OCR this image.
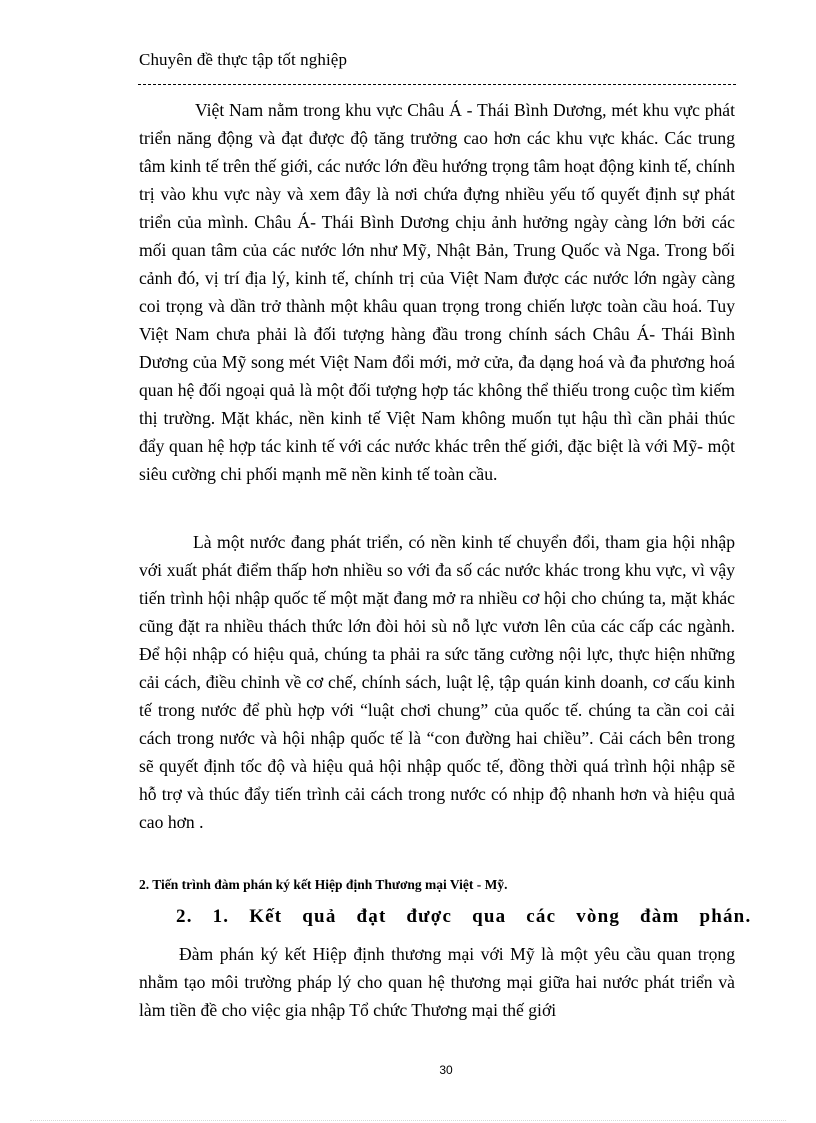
Chuyên đề thực tập tốt nghiệp

Việt Nam nằm trong khu vực Châu Á - Thái Bình Dương, mét khu vực phát triển năng động và đạt được độ tăng trưởng cao hơn các khu vực khác. Các trung tâm kinh tế trên thế giới, các nước lớn đều hướng trọng tâm hoạt động kinh tế, chính trị vào khu vực này và xem đây là nơi chứa đựng nhiều yếu tố quyết định sự phát triển của mình. Châu Á- Thái Bình Dương chịu ảnh hưởng ngày càng lớn bởi các mối quan tâm của các nước lớn như Mỹ, Nhật Bản, Trung Quốc và Nga. Trong bối cảnh đó, vị trí địa lý, kinh tế, chính trị của Việt Nam được các nước lớn ngày càng coi trọng và dần trở thành một khâu quan trọng trong chiến lược toàn cầu hoá. Tuy Việt Nam chưa phải là đối tượng hàng đầu trong chính sách Châu Á- Thái Bình Dương của Mỹ song mét Việt Nam đổi mới, mở cửa, đa dạng hoá và đa phương hoá quan hệ đối ngoại quả là một đối tượng hợp tác không thể thiếu trong cuộc tìm kiếm thị trường. Mặt khác, nền kinh tế Việt Nam không muốn tụt hậu thì cần phải thúc đẩy quan hệ hợp tác kinh tế với các nước khác trên thế giới, đặc biệt là với Mỹ- một siêu cường chi phối mạnh mẽ nền kinh tế toàn cầu.

Là một nước đang phát triển, có nền kinh tế chuyển đổi, tham gia hội nhập với xuất phát điểm thấp hơn nhiều so với đa số các nước khác trong khu vực, vì vậy tiến trình hội nhập quốc tế một mặt đang mở ra nhiều cơ hội cho chúng ta, mặt khác cũng đặt ra nhiều thách thức lớn đòi hỏi sù nỗ lực vươn lên của các cấp các ngành. Để hội nhập có hiệu quả, chúng ta phải ra sức tăng cường nội lực, thực hiện những cải cách, điều chỉnh về cơ chế, chính sách, luật lệ, tập quán kinh doanh, cơ cấu kinh tế trong nước để phù hợp với “luật chơi chung” của quốc tế. chúng ta cần coi cải cách trong nước và hội nhập quốc tế là “con đường hai chiều”. Cải cách bên trong sẽ quyết định tốc độ và hiệu quả hội nhập quốc tế, đồng thời quá trình hội nhập sẽ hỗ trợ và thúc đẩy tiến trình cải cách trong nước có nhịp độ nhanh hơn và hiệu quả cao hơn .

2. Tiến trình đàm phán ký kết Hiệp định Thương mại Việt - Mỹ.
2. 1. Kết quả đạt được qua các vòng đàm phán.

Đàm phán ký kết Hiệp định thương mại với Mỹ là một yêu cầu quan trọng nhằm tạo môi trường pháp lý cho quan hệ thương mại giữa hai nước phát triển và làm tiền đề cho việc gia nhập Tổ chức Thương mại thế giới

30
